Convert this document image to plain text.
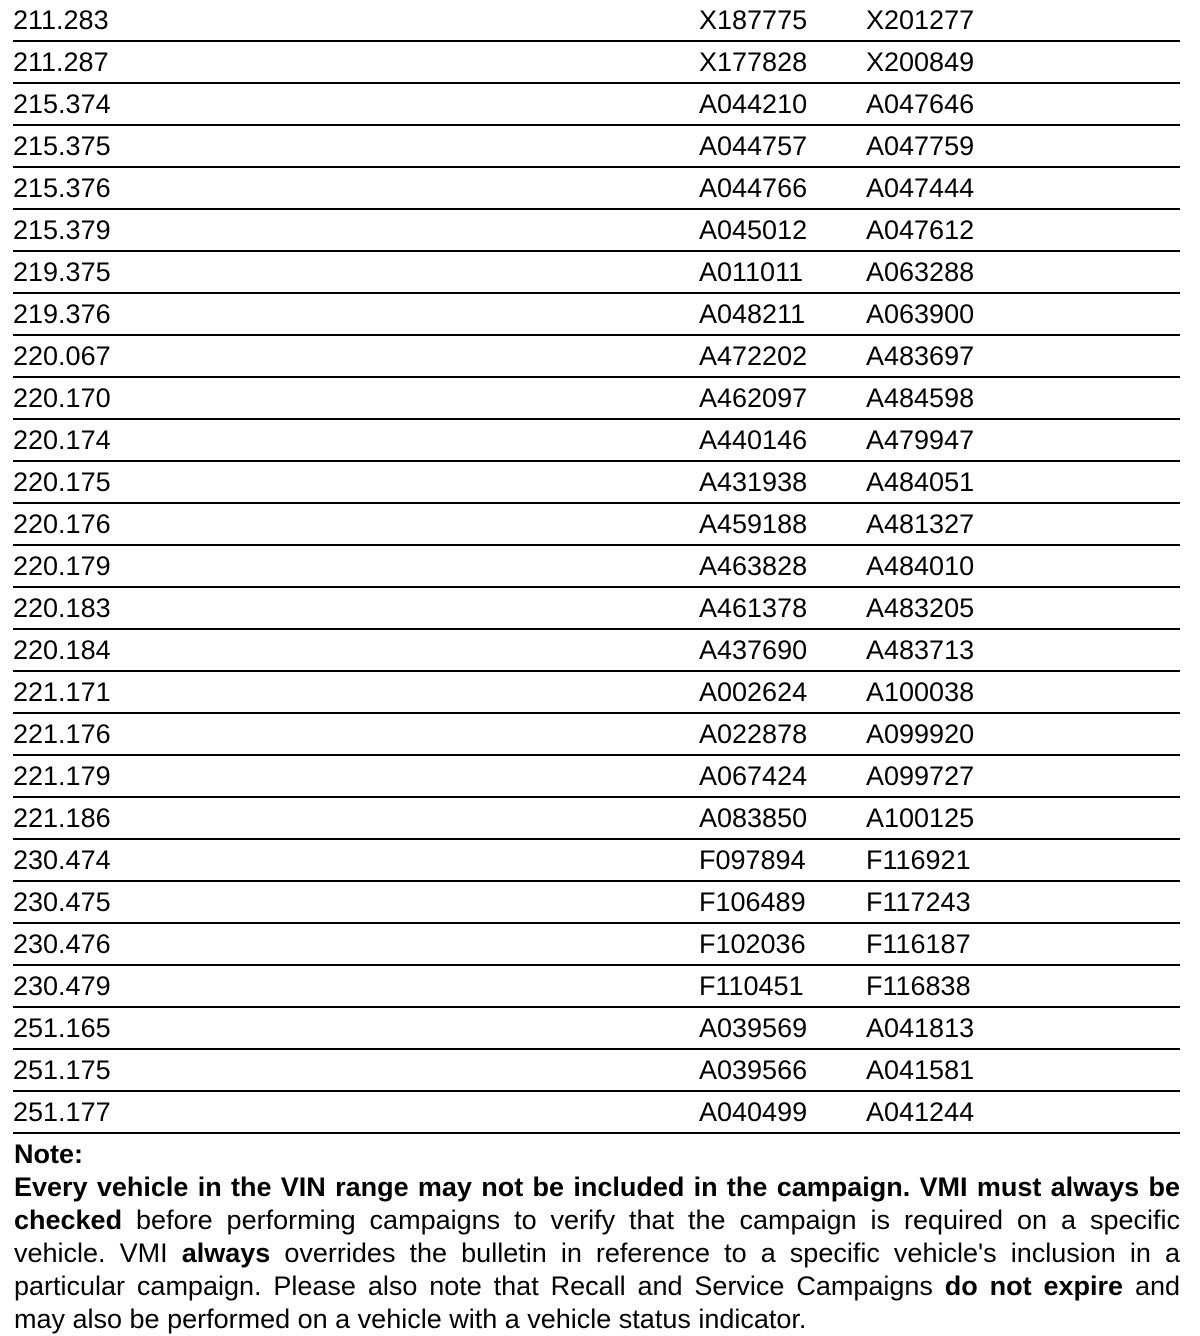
211.283	X187775	X201277
211.287	X177828	X200849
215.374	A044210	A047646
215.375	A044757	A047759
215.376	A044766	A047444
215.379	A045012	A047612
219.375	A011011	A063288
219.376	A048211	A063900
220.067	A472202	A483697
220.170	A462097	A484598
220.174	A440146	A479947
220.175	A431938	A484051
220.176	A459188	A481327
220.179	A463828	A484010
220.183	A461378	A483205
220.184	A437690	A483713
221.171	A002624	A100038
221.176	A022878	A099920
221.179	A067424	A099727
221.186	A083850	A100125
230.474	F097894	F116921
230.475	F106489	F117243
230.476	F102036	F116187
230.479	F110451	F116838
251.165	A039569	A041813
251.175	A039566	A041581
251.177	A040499	A041244
Note:

Every vehicle in the VIN range may not be included in the campaign. VMI must always be checked before performing campaigns to verify that the campaign is required on a specific vehicle. VMI always overrides the bulletin in reference to a specific vehicle's inclusion in a particular campaign. Please also note that Recall and Service Campaigns do not expire and may also be performed on a vehicle with a vehicle status indicator.
